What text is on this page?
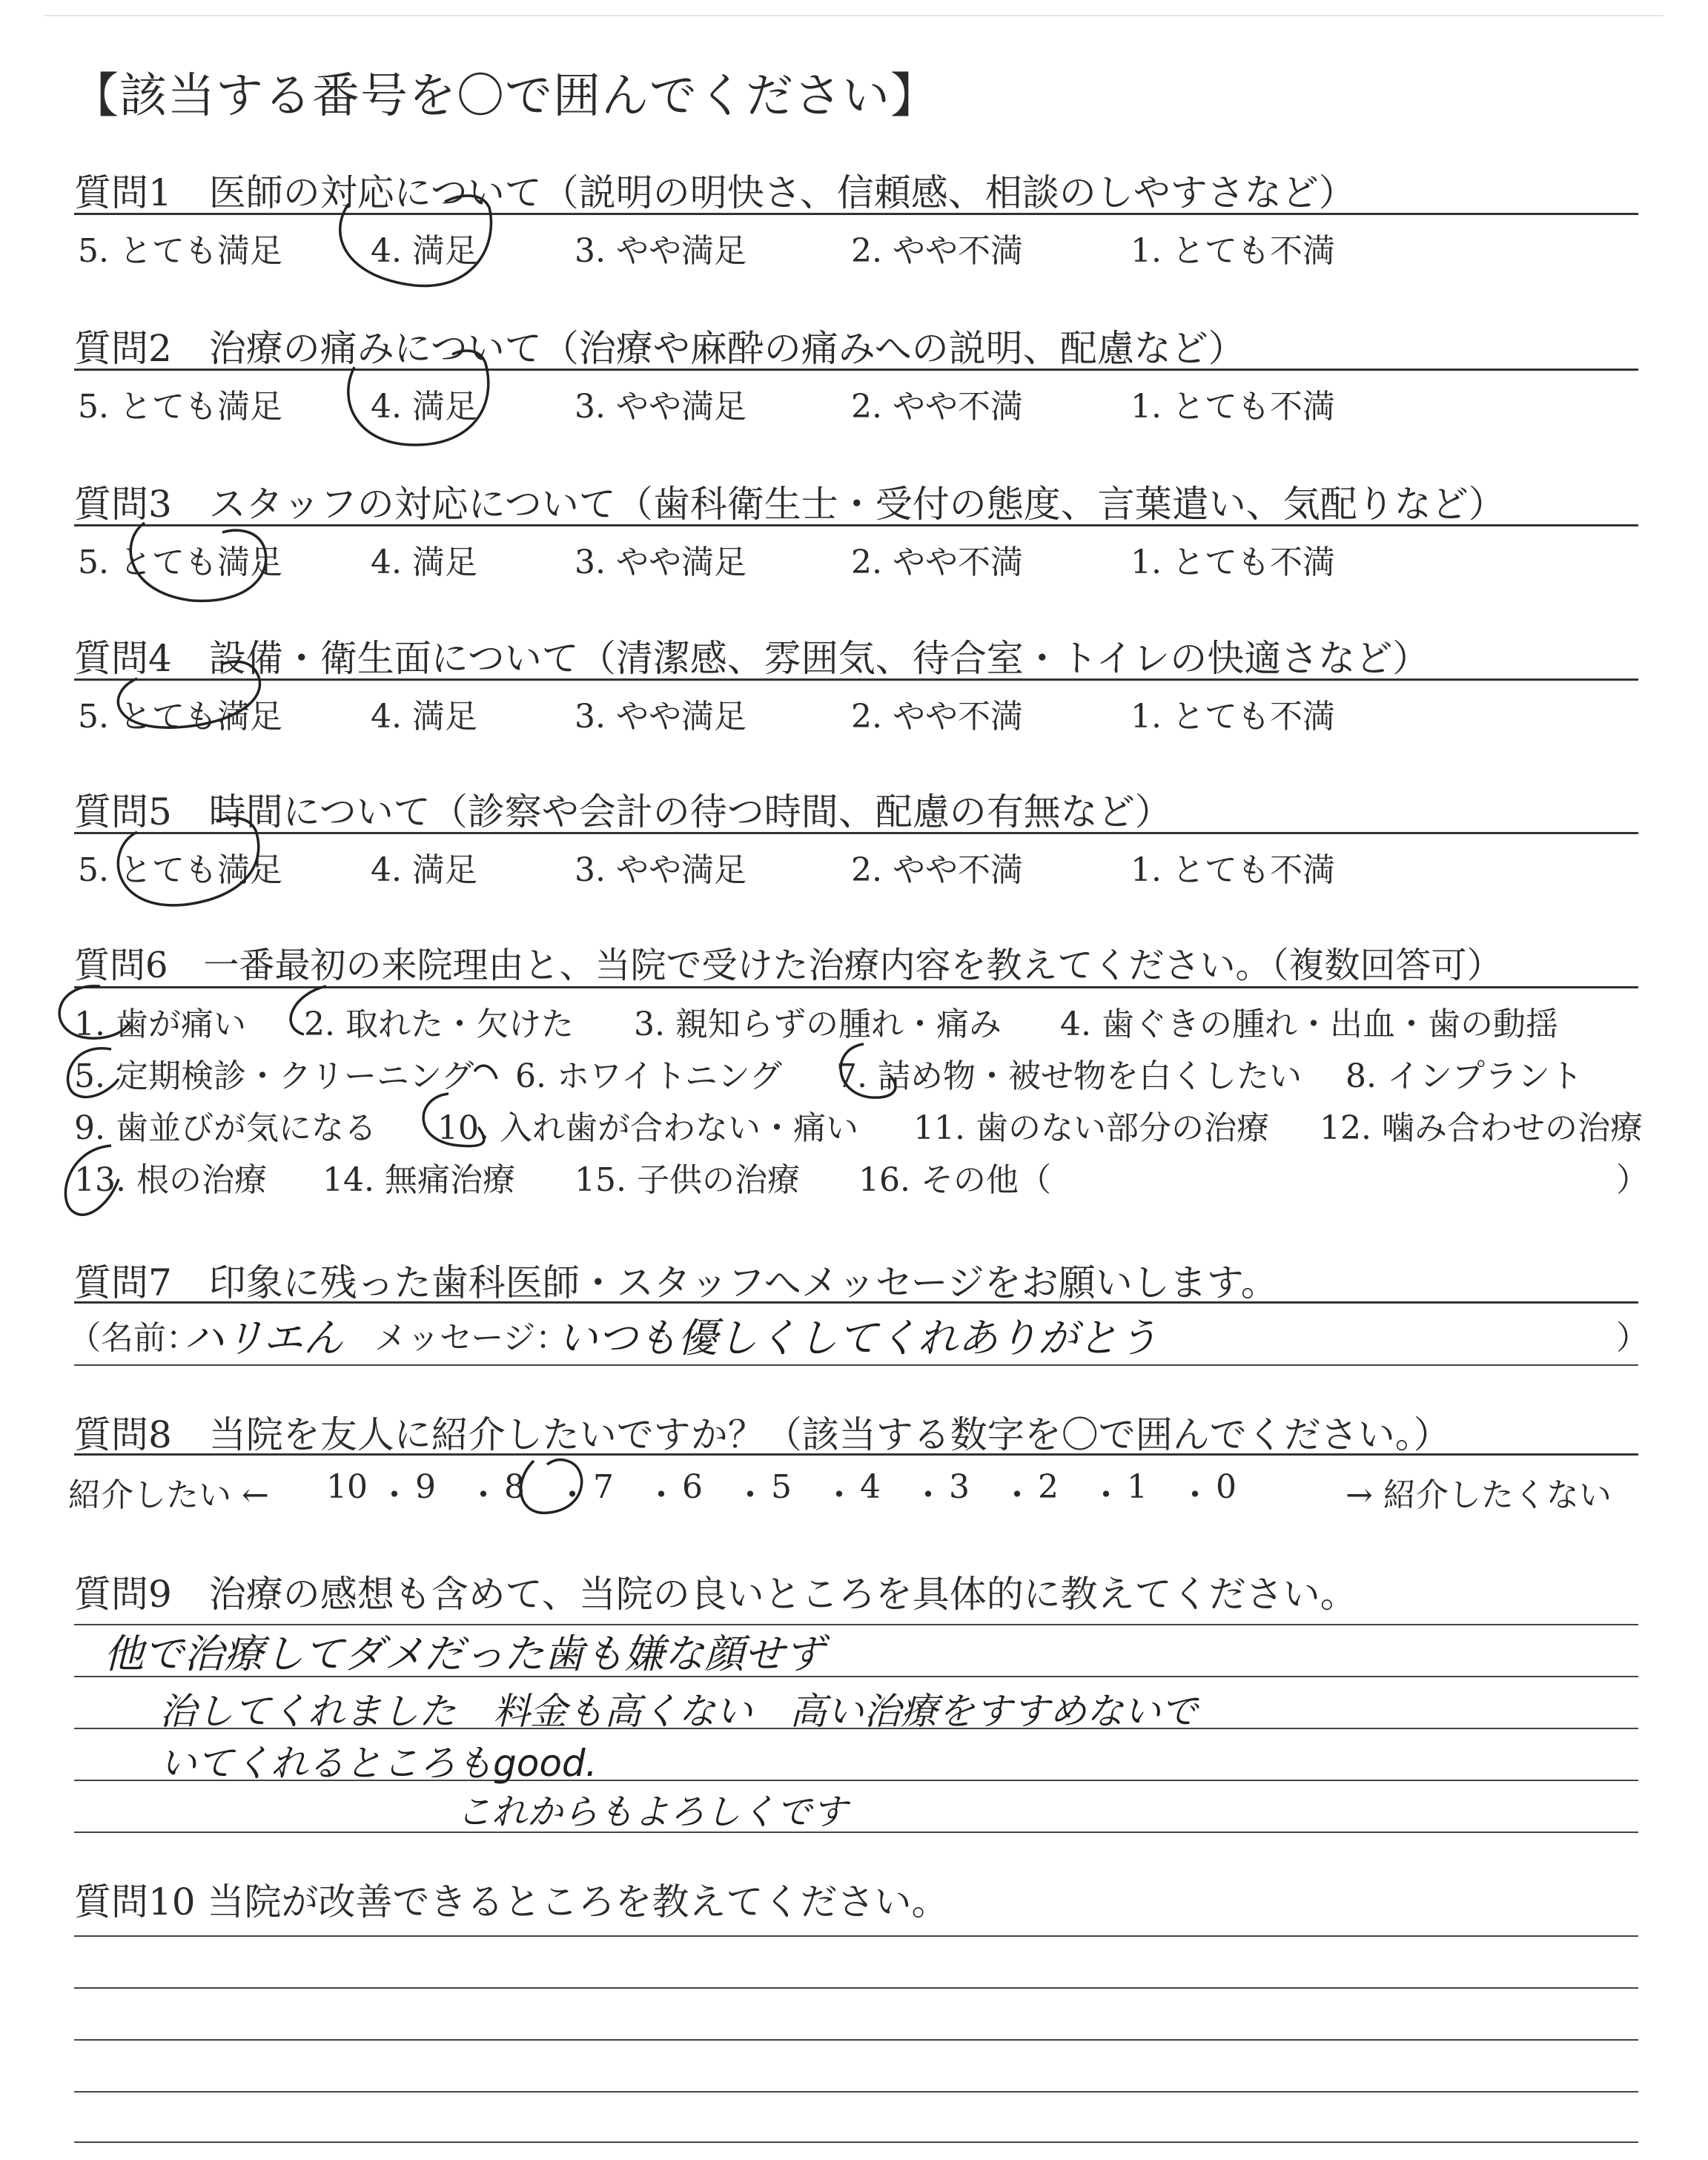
【該当する番号を〇で囲んでください】
質問1　医師の対応について（説明の明快さ、信頼感、相談のしやすさなど）
5. とても満足	4. 満足	3. やや満足	2. やや不満	1. とても不満
質問2　治療の痛みについて（治療や麻酔の痛みへの説明、配慮など）
5. とても満足	4. 満足	3. やや満足	2. やや不満	1. とても不満
質問3　スタッフの対応について（歯科衛生士・受付の態度、言葉遣い、気配りなど）
5. とても満足	4. 満足	3. やや満足	2. やや不満	1. とても不満
質問4　設備・衛生面について（清潔感、雰囲気、待合室・トイレの快適さなど）
5. とても満足	4. 満足	3. やや満足	2. やや不満	1. とても不満
質問5　時間について（診察や会計の待つ時間、配慮の有無など）
5. とても満足	4. 満足	3. やや満足	2. やや不満	1. とても不満
質問6　一番最初の来院理由と、当院で受けた治療内容を教えてください。（複数回答可）
1. 歯が痛い 2. 取れた・欠けた 3. 親知らずの腫れ・痛み 4. 歯ぐきの腫れ・出血・歯の動揺
5. 定期検診・クリーニング 6. ホワイトニング 7. 詰め物・被せ物を白くしたい 8. インプラント
9. 歯並びが気になる 10. 入れ歯が合わない・痛い 11. 歯のない部分の治療 12. 噛み合わせの治療
13. 根の治療 14. 無痛治療 15. 子供の治療 16. その他（	）
質問7　印象に残った歯科医師・スタッフへメッセージをお願いします。
（名前：
ハリエん メッセージ：
いつも優しくしてくれありがとう	）
質問8　当院を友人に紹介したいですか？（該当する数字を〇で囲んでください。）
紹介したい ← 10 ・ 9 ・ 8 ・ 7 ・ 6 ・ 5 ・ 4 ・ 3 ・ 2 ・ 1 ・ 0	→ 紹介したくない
質問9　治療の感想も含めて、当院の良いところを具体的に教えてください。
他で治療してダメだった歯も嫌な顔せず
治してくれました　料金も高くない　高い治療をすすめないで
いてくれるところもgood.
これからもよろしくです
質問10 当院が改善できるところを教えてください。
